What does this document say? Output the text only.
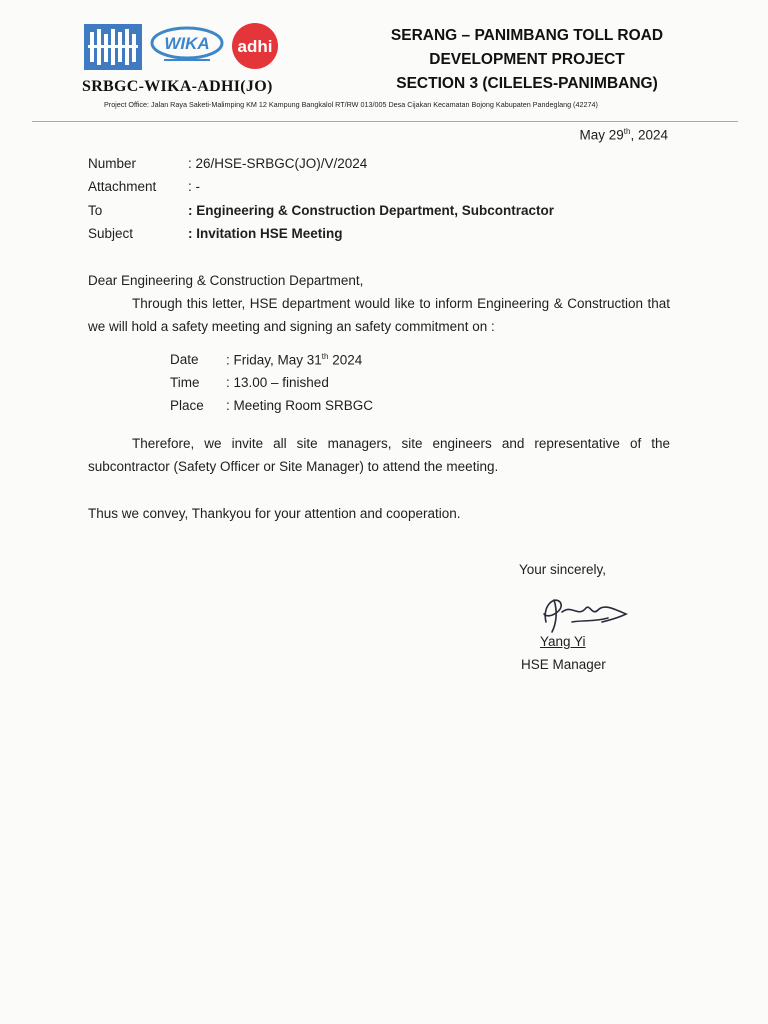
WIKA adhi
SRBGC-WIKA-ADHI(JO)
SERANG – PANIMBANG TOLL ROAD
DEVELOPMENT PROJECT
SECTION 3 (CILELES-PANIMBANG)
Project Office: Jalan Raya Saketi-Malimping KM 12 Kampung Bangkalol RT/RW 013/005 Desa Cijakan Kecamatan Bojong Kabupaten Pandeglang (42274)
May 29th, 2024
Number	: 26/HSE-SRBGC(JO)/V/2024
Attachment	: -
To	: Engineering & Construction Department, Subcontractor
Subject	: Invitation HSE Meeting
Dear Engineering & Construction Department,
Through this letter, HSE department would like to inform Engineering & Construction that we will hold a safety meeting and signing an safety commitment on :
Date	: Friday, May 31th 2024
Time	: 13.00 – finished
Place	: Meeting Room SRBGC
Therefore, we invite all site managers, site engineers and representative of the subcontractor (Safety Officer or Site Manager) to attend the meeting.
Thus we convey, Thankyou for your attention and cooperation.
Your sincerely,
Yang Yi
HSE Manager
